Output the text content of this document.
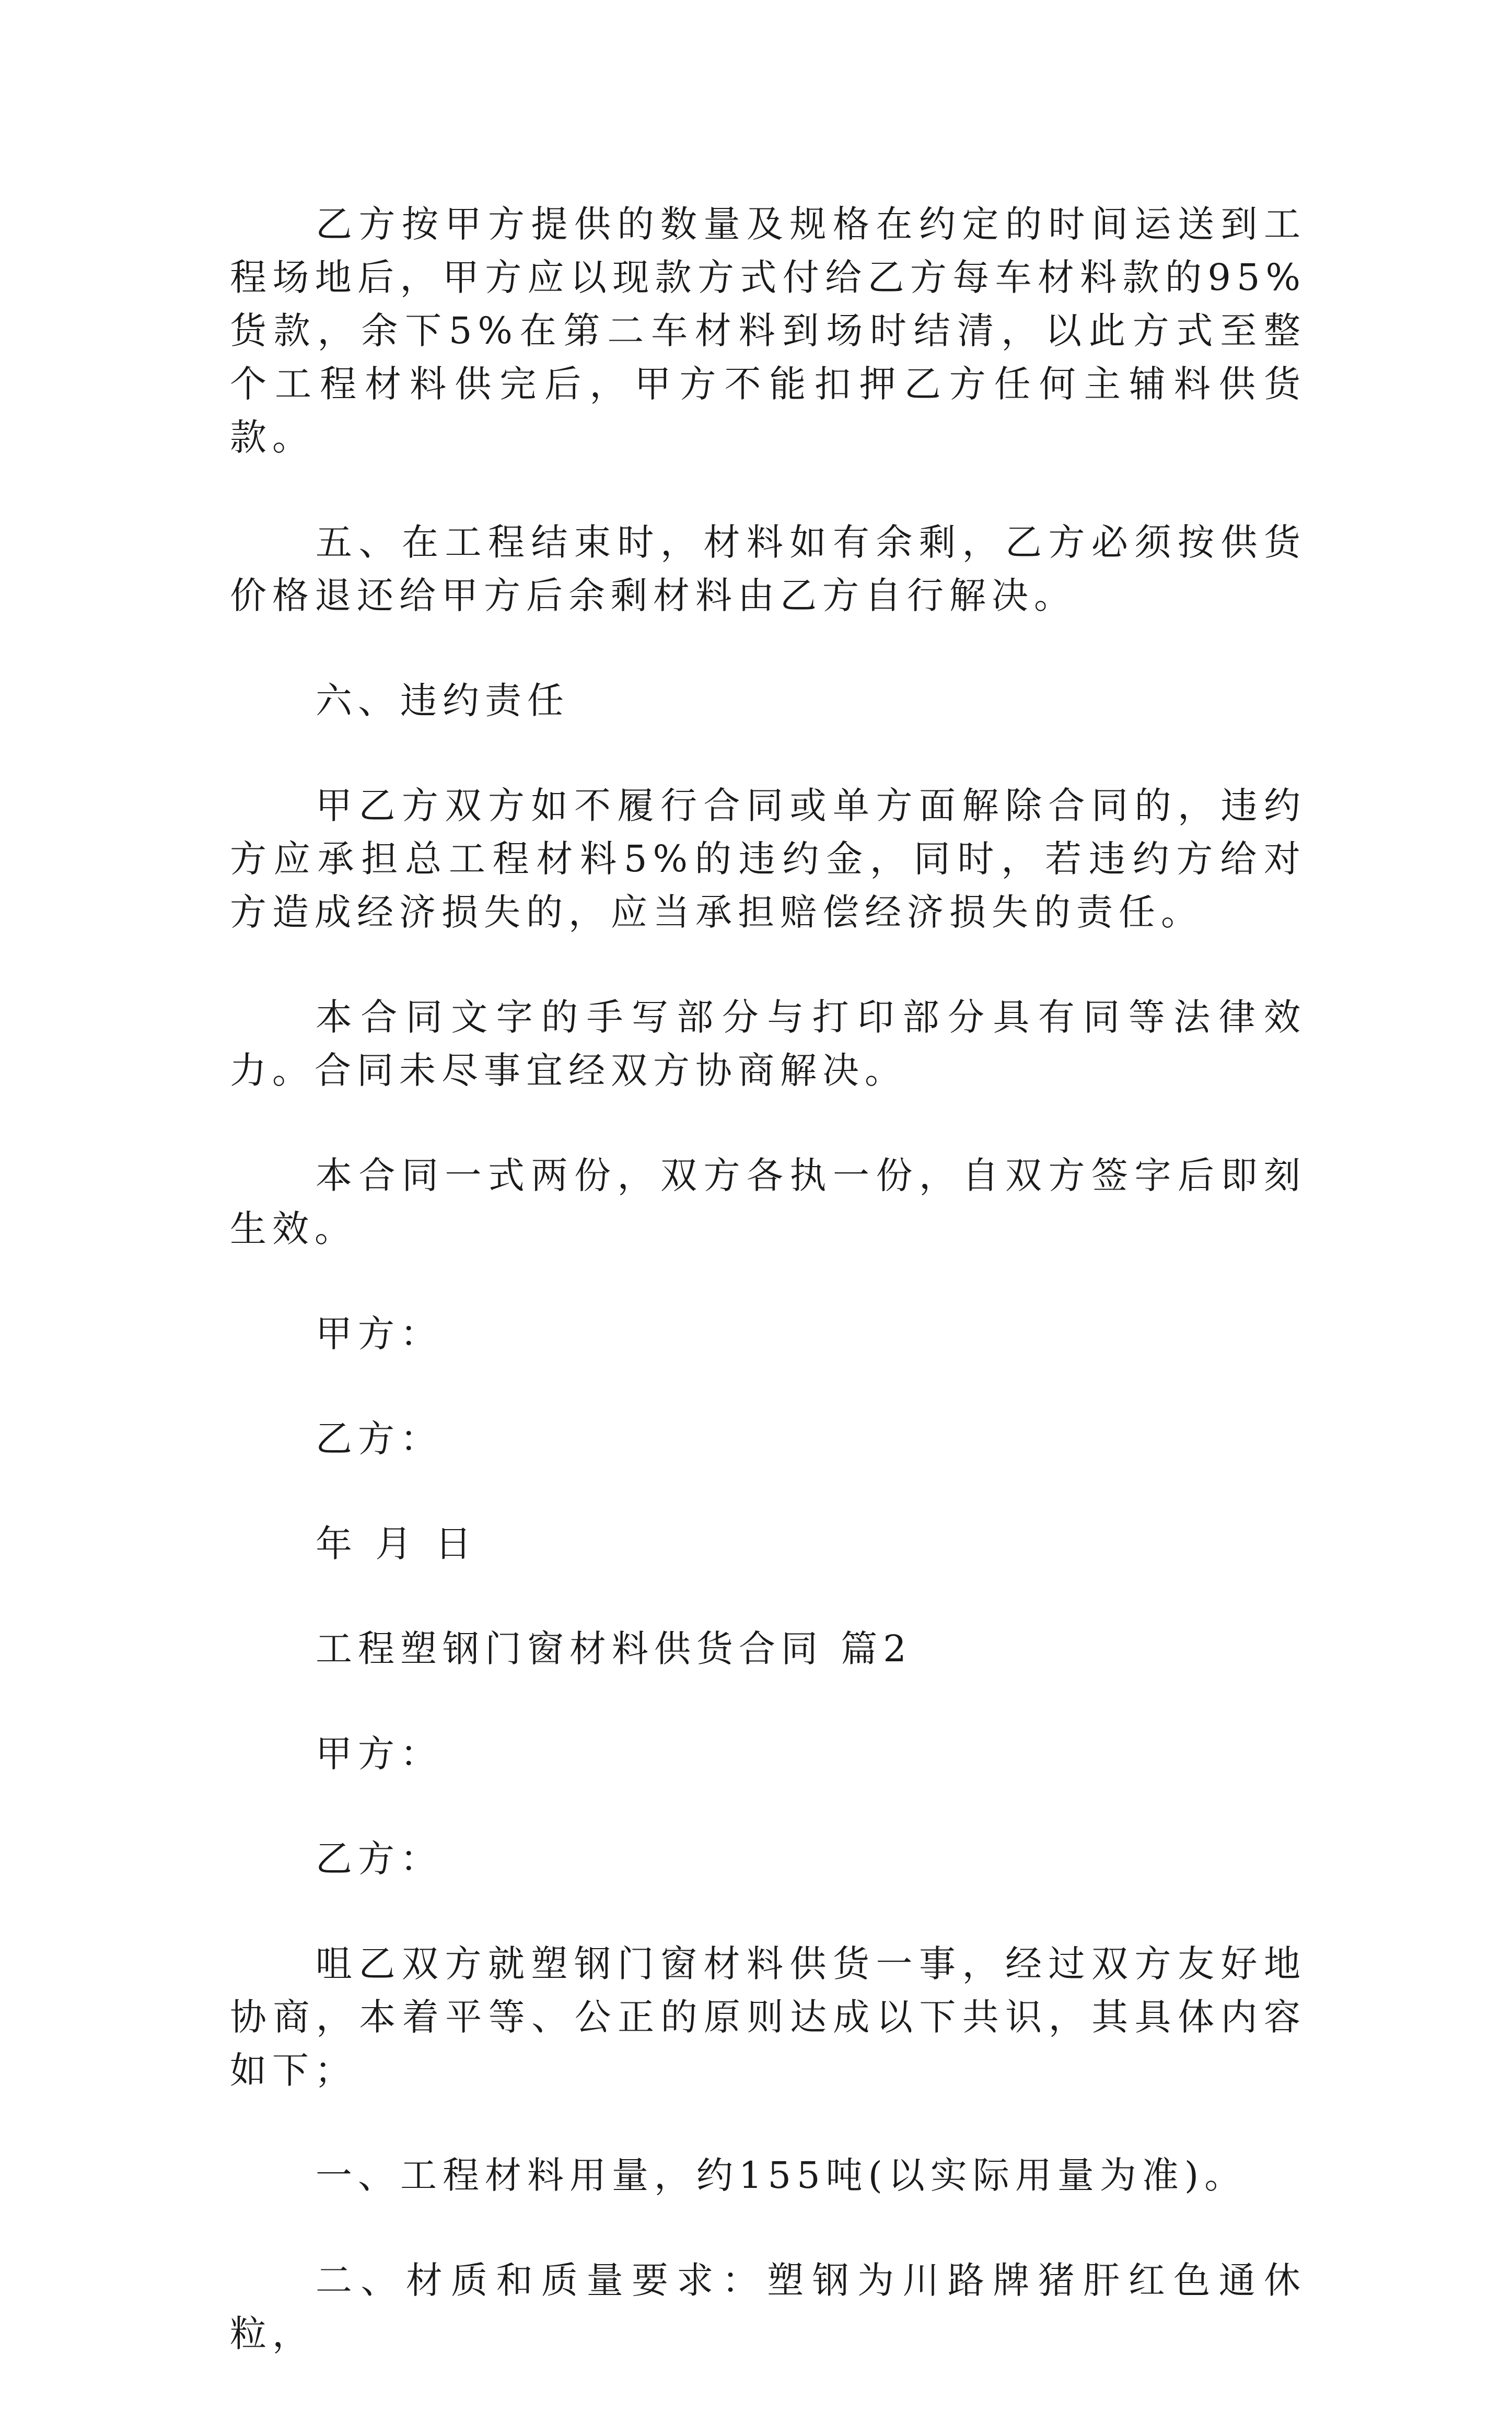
乙方按甲方提供的数量及规格在约定的时间运送到工程场地后，甲方应以现款方式付给乙方每车材料款的95%货款，余下5%在第二车材料到场时结清，以此方式至整个工程材料供完后，甲方不能扣押乙方任何主辅料供货款。

五、在工程结束时，材料如有余剩，乙方必须按供货价格退还给甲方后余剩材料由乙方自行解决。

六、违约责任

甲乙方双方如不履行合同或单方面解除合同的，违约方应承担总工程材料5%的违约金，同时，若违约方给对方造成经济损失的，应当承担赔偿经济损失的责任。

本合同文字的手写部分与打印部分具有同等法律效力。合同未尽事宜经双方协商解决。

本合同一式两份，双方各执一份，自双方签字后即刻生效。

甲方：

乙方：

年 月 日

工程塑钢门窗材料供货合同 篇2

甲方：

乙方：

咀乙双方就塑钢门窗材料供货一事，经过双方友好地协商，本着平等、公正的原则达成以下共识，其具体内容如下；

一、工程材料用量，约155吨(以实际用量为准)。

二、材质和质量要求：塑钢为川路牌猪肝红色通休粒，
